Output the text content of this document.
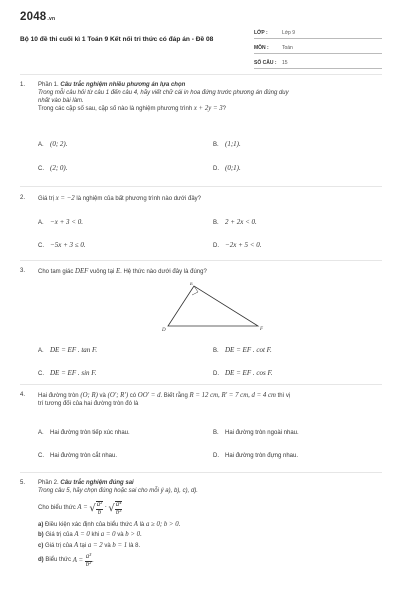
2048.vn
Bộ 10 đề thi cuối kì 1 Toán 9 Kết nối tri thức có đáp án - Đề 08
LỚP :	Lớp 9
MÔN :	Toán
SỐ CÂU :	15
1. Phần 1. Câu trắc nghiệm nhiều phương án lựa chọn
Trong mỗi câu hỏi từ câu 1 đến câu 4, hãy viết chữ cái in hoa đứng trước phương án đúng duy
nhất vào bài làm.
Trong các cặp số sau, cặp số nào là nghiệm phương trình x + 2y = 3?
A. (0; 2).	B. (1;1).
C. (2; 0).	D. (0;1).
2. Giá trị x = −2 là nghiệm của bất phương trình nào dưới đây?
A. −x + 3 < 0.	B. 2 + 2x < 0.
C. −5x + 3 ≤ 0.	D. −2x + 5 < 0.
3. Cho tam giác DEF vuông tại E. Hệ thức nào dưới đây là đúng?
A. DE = EF . tan F.	B. DE = EF . cot F.
C. DE = EF . sin F.	D. DE = EF . cos F.
E
D	F
4. Hai đường tròn (O; R) và (O′; R′) có OO′ = d. Biết rằng R = 12 cm, R′ = 7 cm, d = 4 cm thì vị
trí tương đối của hai đường tròn đó là
A. Hai đường tròn tiếp xúc nhau.	B. Hai đường tròn ngoài nhau.
C. Hai đường tròn cắt nhau.	D. Hai đường tròn đựng nhau.
5. Phần 2. Câu trắc nghiệm đúng sai
Trong câu 5, hãy chọn đúng hoặc sai cho mỗi ý a), b), c), d).
Cho biểu thức
A = √ $\frac{\text{a²}}{b}$ · √ $\frac{\text{a⁴}}{\text{b³}}$
a) Điều kiện xác định của biểu thức A là a ≥ 0; b > 0.
b) Giá trị của A = 0 khi a = 0 và b > 0.
c) Giá trị của A tại a = 2 và b = 1 là 8.
d)
Biểu thức
A =
$\frac{\text{a³}}{\text{b²}}$ .
